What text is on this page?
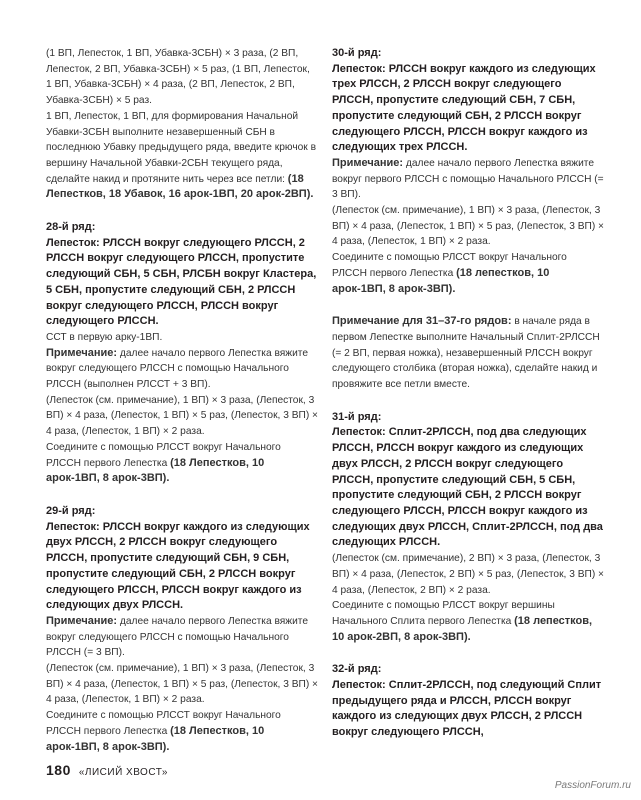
(1 ВП, Лепесток, 1 ВП, Убавка-3СБН) × 3 раза, (2 ВП, Лепесток, 2 ВП, Убавка-3СБН) × 5 раз, (1 ВП, Лепесток, 1 ВП, Убавка-3СБН) × 4 раза, (2 ВП, Лепесток, 2 ВП, Убавка-3СБН) × 5 раз.

1 ВП, Лепесток, 1 ВП, для формирования Начальной Убавки-3СБН выполните незавершенный СБН в последнюю Убавку предыдущего ряда, введите крючок в вершину Начальной Убавки-2СБН текущего ряда, сделайте накид и протяните нить через все петли: (18 Лепестков, 18 Убавок, 16 арок-1ВП, 20 арок-2ВП).

28-й ряд:

Лепесток: РЛССН вокруг следующего РЛССН, 2 РЛССН вокруг следующего РЛССН, пропустите следующий СБН, 5 СБН, РЛСБН вокруг Кластера, 5 СБН, пропустите следующий СБН, 2 РЛССН вокруг следующего РЛССН, РЛССН вокруг следующего РЛССН.

ССТ в первую арку-1ВП.

Примечание: далее начало первого Лепестка вяжите вокруг следующего РЛССН с помощью Начального РЛССН (выполнен РЛССТ + 3 ВП).

(Лепесток (см. примечание), 1 ВП) × 3 раза, (Лепесток, 3 ВП) × 4 раза, (Лепесток, 1 ВП) × 5 раз, (Лепесток, 3 ВП) × 4 раза, (Лепесток, 1 ВП) × 2 раза.

Соедините с помощью РЛССТ вокруг Начального РЛССН первого Лепестка (18 Лепестков, 10 арок-1ВП, 8 арок-3ВП).

29-й ряд:

Лепесток: РЛССН вокруг каждого из следующих двух РЛССН, 2 РЛССН вокруг следующего РЛССН, пропустите следующий СБН, 9 СБН, пропустите следующий СБН, 2 РЛССН вокруг следующего РЛССН, РЛССН вокруг каждого из следующих двух РЛССН.

Примечание: далее начало первого Лепестка вяжите вокруг следующего РЛССН с помощью Начального РЛССН (= 3 ВП).

(Лепесток (см. примечание), 1 ВП) × 3 раза, (Лепесток, 3 ВП) × 4 раза, (Лепесток, 1 ВП) × 5 раз, (Лепесток, 3 ВП) × 4 раза, (Лепесток, 1 ВП) × 2 раза.

Соедините с помощью РЛССТ вокруг Начального РЛССН первого Лепестка (18 Лепестков, 10 арок-1ВП, 8 арок-3ВП).

30-й ряд:

Лепесток: РЛССН вокруг каждого из следующих трех РЛССН, 2 РЛССН вокруг следующего РЛССН, пропустите следующий СБН, 7 СБН, пропустите следующий СБН, 2 РЛССН вокруг следующего РЛССН, РЛССН вокруг каждого из следующих трех РЛССН.

Примечание: далее начало первого Лепестка вяжите вокруг первого РЛССН с помощью Начального РЛССН (= 3 ВП).

(Лепесток (см. примечание), 1 ВП) × 3 раза, (Лепесток, 3 ВП) × 4 раза, (Лепесток, 1 ВП) × 5 раз, (Лепесток, 3 ВП) × 4 раза, (Лепесток, 1 ВП) × 2 раза.

Соедините с помощью РЛССТ вокруг Начального РЛССН первого Лепестка (18 лепестков, 10 арок-1ВП, 8 арок-3ВП).

Примечание для 31–37-го рядов: в начале ряда в первом Лепестке выполните Начальный Сплит-2РЛССН (= 2 ВП, первая ножка), незавершенный РЛССН вокруг следующего столбика (вторая ножка), сделайте накид и провяжите все петли вместе.

31-й ряд:

Лепесток: Сплит-2РЛССН, под два следующих РЛССН, РЛССН вокруг каждого из следующих двух РЛССН, 2 РЛССН вокруг следующего РЛССН, пропустите следующий СБН, 5 СБН, пропустите следующий СБН, 2 РЛССН вокруг следующего РЛССН, РЛССН вокруг каждого из следующих двух РЛССН, Сплит-2РЛССН, под два следующих РЛССН.

(Лепесток (см. примечание), 2 ВП) × 3 раза, (Лепесток, 3 ВП) × 4 раза, (Лепесток, 2 ВП) × 5 раз, (Лепесток, 3 ВП) × 4 раза, (Лепесток, 2 ВП) × 2 раза.

Соедините с помощью РЛССТ вокруг вершины Начального Сплита первого Лепестка (18 лепестков, 10 арок-2ВП, 8 арок-3ВП).

32-й ряд:

Лепесток: Сплит-2РЛССН, под следующий Сплит предыдущего ряда и РЛССН, РЛССН вокруг каждого из следующих двух РЛССН, 2 РЛССН вокруг следующего РЛССН,

180 «ЛИСИЙ ХВОСТ»
PassionForum.ru
